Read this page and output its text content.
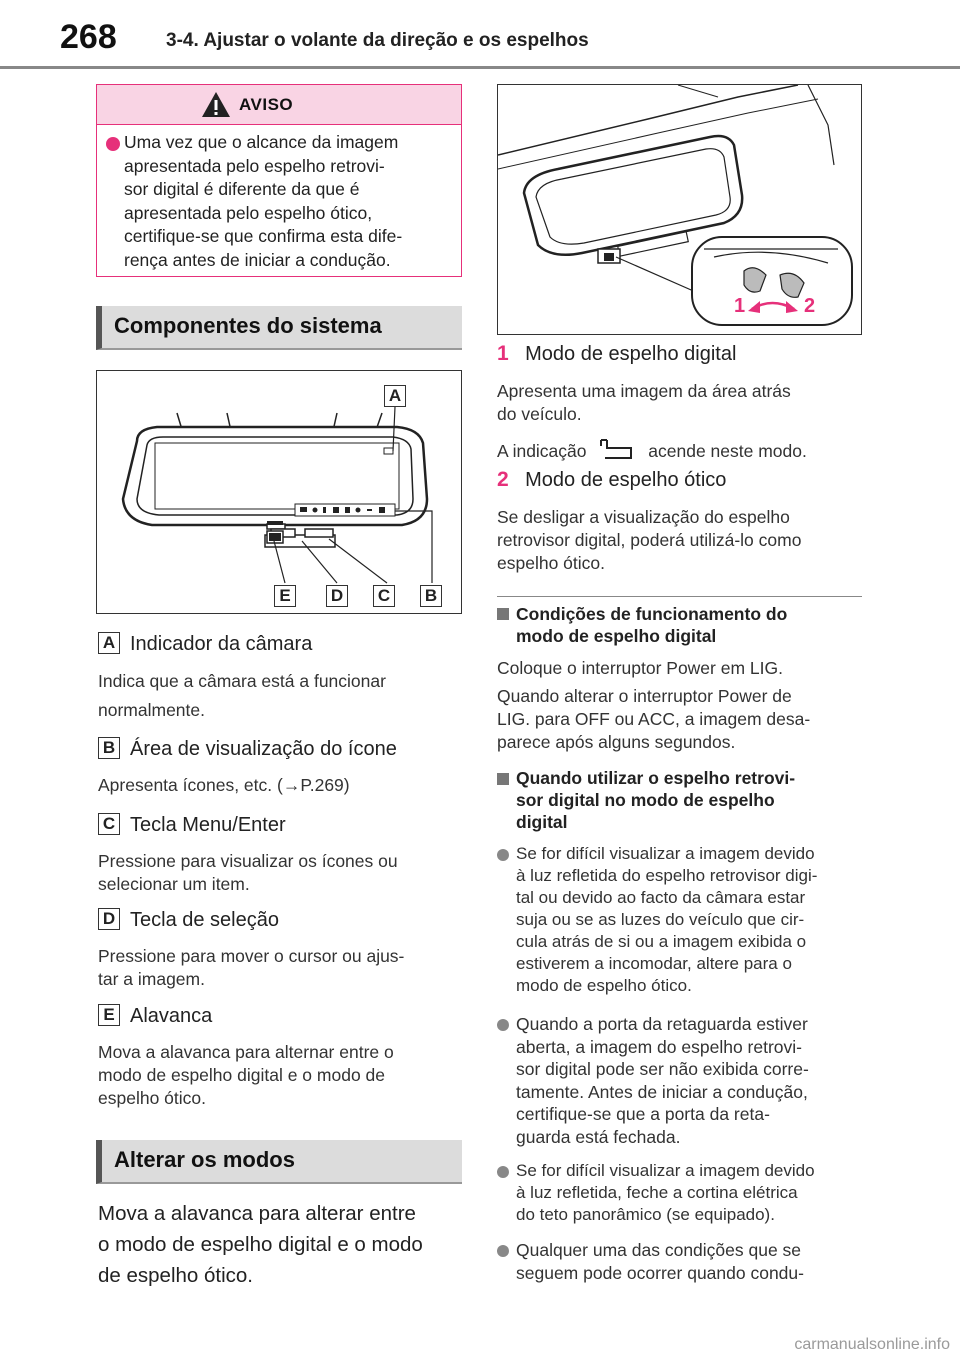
268	3-4. Ajustar o volante da direção e os espelhos
AVISO
Uma vez que o alcance da imagem
apresentada pelo espelho retrovi-
sor digital é diferente da que é
apresentada pelo espelho ótico,
certifique-se que confirma esta dife-
rença antes de iniciar a condução.
Componentes do sistema
A
E	D C B
A Indicador da câmara
Indica que a câmara está a funcionar
normalmente.
B Área de visualização do ícone
Apresenta ícones, etc. (→P.269)
C Tecla Menu/Enter
Pressione para visualizar os ícones ou
selecionar um item.
D Tecla de seleção
Pressione para mover o cursor ou ajus-
tar a imagem.
E Alavanca
Mova a alavanca para alternar entre o
modo de espelho digital e o modo de
espelho ótico.
Alterar os modos
Mova a alavanca para alterar entre
o modo de espelho digital e o modo
de espelho ótico.
1	2
1 Modo de espelho digital
Apresenta uma imagem da área atrás
do veículo.
A indicação	acende neste modo.
2 Modo de espelho ótico
Se desligar a visualização do espelho
retrovisor digital, poderá utilizá-lo como
espelho ótico.
Condições de funcionamento do
modo de espelho digital
Coloque o interruptor Power em LIG.
Quando alterar o interruptor Power de
LIG. para OFF ou ACC, a imagem desa-
parece após alguns segundos.
Quando utilizar o espelho retrovi-
sor digital no modo de espelho
digital
Se for difícil visualizar a imagem devido
à luz refletida do espelho retrovisor digi-
tal ou devido ao facto da câmara estar
suja ou se as luzes do veículo que cir-
cula atrás de si ou a imagem exibida o
estiverem a incomodar, altere para o
modo de espelho ótico.
Quando a porta da retaguarda estiver
aberta, a imagem do espelho retrovi-
sor digital pode ser não exibida corre-
tamente. Antes de iniciar a condução,
certifique-se que a porta da reta-
guarda está fechada.
Se for difícil visualizar a imagem devido
à luz refletida, feche a cortina elétrica
do teto panorâmico (se equipado).
Qualquer uma das condições que se
seguem pode ocorrer quando condu-
carmanualsonline.info
